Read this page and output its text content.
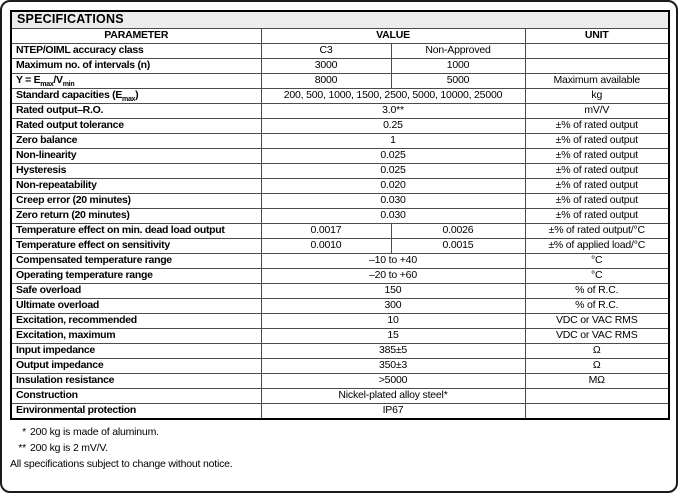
SPECIFICATIONS			
PARAMETER	VALUE		UNIT
NTEP/OIML accuracy class	C3	Non-Approved	
Maximum no. of intervals (n)	3000	1000	
$Y = E_{max}/V_{min}$	8000	5000	Maximum available
Standard capacities $(E_{max})$	200, 500, 1000, 1500, 2500, 5000, 10000, 25000		kg
Rated output–R.O.	3.0**		mV/V
Rated output tolerance	0.25		±% of rated output
Zero balance	1		±% of rated output
Non-linearity	0.025		±% of rated output
Hysteresis	0.025		±% of rated output
Non-repeatability	0.020		±% of rated output
Creep error (20 minutes)	0.030		±% of rated output
Zero return (20 minutes)	0.030		±% of rated output
Temperature effect on min. dead load output	0.0017	0.0026	±% of rated output/°C
Temperature effect on sensitivity	0.0010	0.0015	±% of applied load/°C
Compensated temperature range	–10 to +40		°C
Operating temperature range	–20 to +60		°C
Safe overload	150		% of R.C.
Ultimate overload	300		% of R.C.
Excitation, recommended	10		VDC or VAC RMS
Excitation, maximum	15		VDC or VAC RMS
Input impedance	385±5		Ω
Output impedance	350±3		Ω
Insulation resistance	>5000		MΩ
Construction	Nickel-plated alloy steel*		
Environmental protection	IP67		
* 200 kg is made of aluminum.
** 200 kg is 2 mV/V.
All specifications subject to change without notice.
